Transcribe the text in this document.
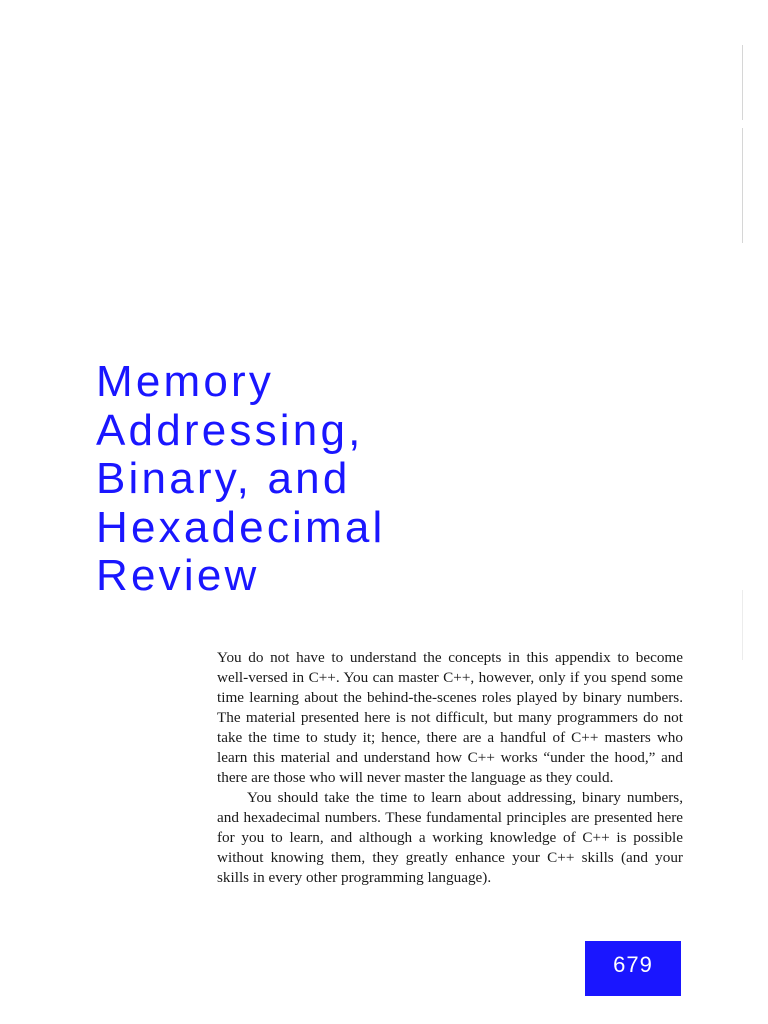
Memory
Addressing,
Binary, and
Hexadecimal
Review

You do not have to understand the concepts in this appendix to become well-versed in C++. You can master C++, however, only if you spend some time learning about the behind-the-scenes roles played by binary numbers. The material presented here is not difficult, but many programmers do not take the time to study it; hence, there are a handful of C++ masters who learn this material and understand how C++ works “under the hood,” and there are those who will never master the language as they could.

You should take the time to learn about addressing, binary numbers, and hexadecimal numbers. These fundamental principles are presented here for you to learn, and although a working knowledge of C++ is possible without knowing them, they greatly enhance your C++ skills (and your skills in every other programming language).

679
